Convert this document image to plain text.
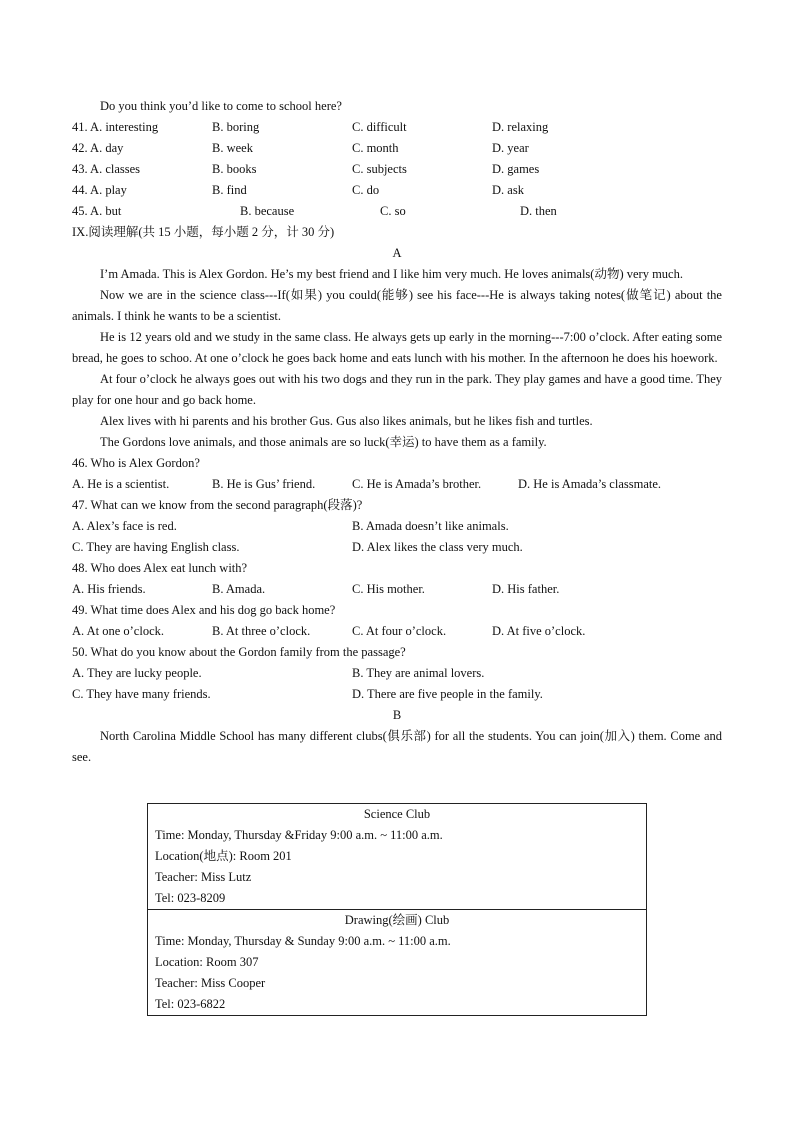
Do you think you’d like to come to school here?
41. A. interesting	B. boring	C. difficult	D. relaxing
42. A. day	B. week	C. month	D. year
43. A. classes	B. books	C. subjects	D. games
44. A. play	B. find	C. do	D. ask
45. A. but	B. because	C. so	D. then
IX.阅读理解(共 15 小题，每小题 2 分，计 30 分)
A

I’m Amada. This is Alex Gordon. He’s my best friend and I like him very much. He loves animals(动物) very much.

Now we are in the science class---If(如果) you could(能够) see his face---He is always taking notes(做笔记) about the animals. I think he wants to be a scientist.

He is 12 years old and we study in the same class. He always gets up early in the morning---7:00 o’clock. After eating some bread, he goes to schoo. At one o’clock he goes back home and eats lunch with his mother. In the afternoon he does his hoework.

At four o’clock he always goes out with his two dogs and they run in the park. They play games and have a good time. They play for one hour and go back home.

Alex lives with hi parents and his brother Gus. Gus also likes animals, but he likes fish and turtles.

The Gordons love animals, and those animals are so luck(幸运) to have them as a family.

46. Who is Alex Gordon?
A. He is a scientist.	B. He is Gus’ friend.	C. He is Amada’s brother.	D. He is Amada’s classmate.
47. What can we know from the second paragraph(段落)?
A. Alex’s face is red.	B. Amada doesn’t like animals.
C. They are having English class.	D. Alex likes the class very much.
48. Who does Alex eat lunch with?
A. His friends.	B. Amada.	C. His mother.	D. His father.
49. What time does Alex and his dog go back home?
A. At one o’clock.	B. At three o’clock.	C. At four o’clock.	D. At five o’clock.
50. What do you know about the Gordon family from the passage?
A. They are lucky people.	B. They are animal lovers.
C. They have many friends.	D. There are five people in the family.
B

North Carolina Middle School has many different clubs(俱乐部) for all the students. You can join(加入) them. Come and see.

Science Club
Time: Monday, Thursday &Friday 9:00 a.m. ~ 11:00 a.m.
Location(地点): Room 201
Teacher: Miss Lutz
Tel: 023-8209
Drawing(绘画) Club
Time: Monday, Thursday & Sunday 9:00 a.m. ~ 11:00 a.m.
Location: Room 307
Teacher: Miss Cooper
Tel: 023-6822
